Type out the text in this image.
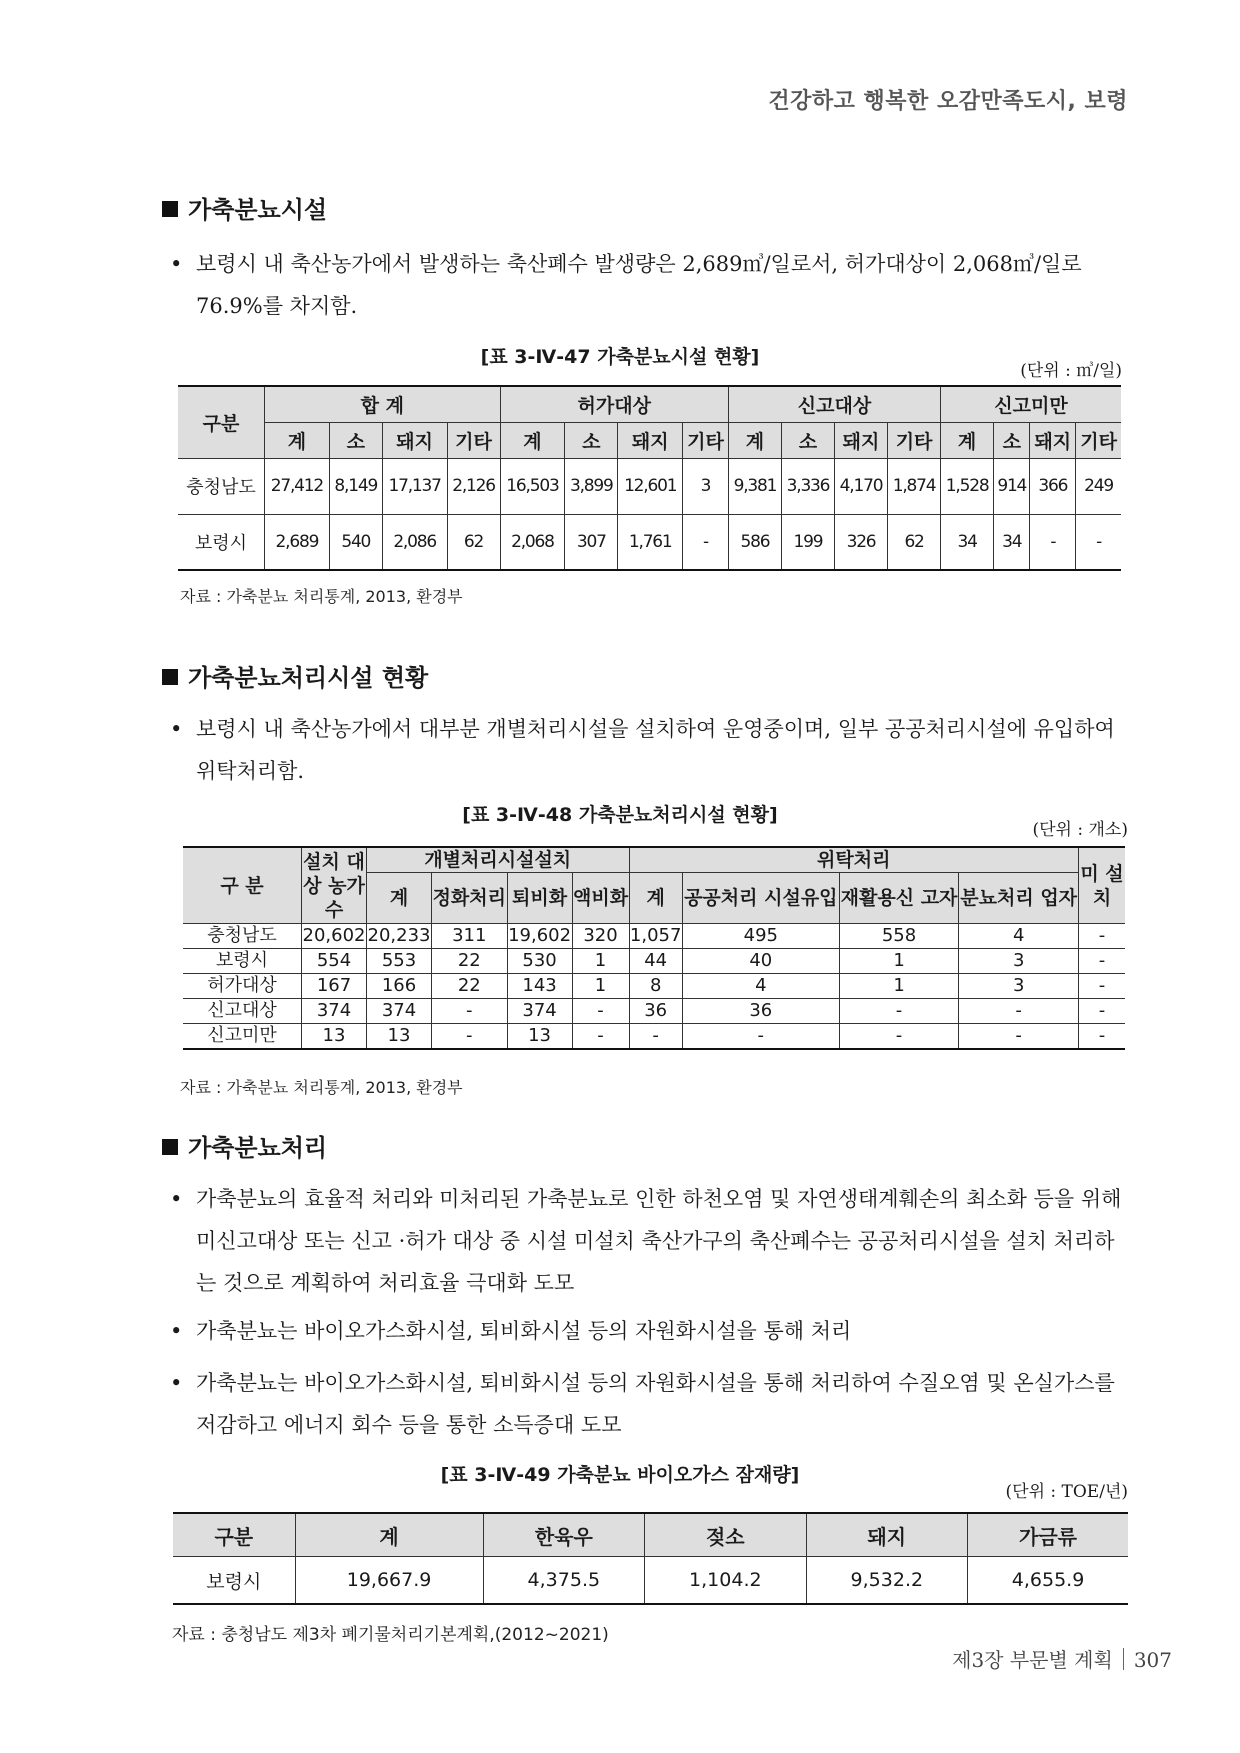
건강하고 행복한 오감만족도시, 보령
가축분뇨시설
• 보령시 내 축산농가에서 발생하는 축산폐수 발생량은 2,689㎥/일로서, 허가대상이 2,068㎥/일로 76.9%를 차지함.
[표 3-Ⅳ-47 가축분뇨시설 현황]
(단위 : ㎥/일)
구분	합 계				허가대상				신고대상				신고미만			
	계	소	돼지	기타	계	소	돼지	기타	계	소	돼지	기타	계	소	돼지	기타
충청남도	27,412	8,149	17,137	2,126	16,503	3,899	12,601	3	9,381	3,336	4,170	1,874	1,528	914	366	249
보령시	2,689	540	2,086	62	2,068	307	1,761	-	586	199	326	62	34	34	-	-
자료 : 가축분뇨 처리통계, 2013, 환경부
가축분뇨처리시설 현황
• 보령시 내 축산농가에서 대부분 개별처리시설을 설치하여 운영중이며, 일부 공공처리시설에 유입하여 위탁처리함.
[표 3-Ⅳ-48 가축분뇨처리시설 현황]
(단위 : 개소)
구 분	설치 대상 농가수	개별처리시설설치				위탁처리				미 설 치
		계	정화처리	퇴비화	액비화	계	공공처리 시설유입	재활용신 고자	분뇨처리 업자	
충청남도	20,602	20,233	311	19,602	320	1,057	495	558	4	-
보령시	554	553	22	530	1	44	40	1	3	-
허가대상	167	166	22	143	1	8	4	1	3	-
신고대상	374	374	-	374	-	36	36	-	-	-
신고미만	13	13	-	13	-	-	-	-	-	-
자료 : 가축분뇨 처리통계, 2013, 환경부
가축분뇨처리
• 가축분뇨의 효율적 처리와 미처리된 가축분뇨로 인한 하천오염 및 자연생태계훼손의 최소화 등을 위해 미신고대상 또는 신고 ·허가 대상 중 시설 미설치 축산가구의 축산폐수는 공공처리시설을 설치 처리하는 것으로 계획하여 처리효율 극대화 도모
• 가축분뇨는 바이오가스화시설, 퇴비화시설 등의 자원화시설을 통해 처리
• 가축분뇨는 바이오가스화시설, 퇴비화시설 등의 자원화시설을 통해 처리하여 수질오염 및 온실가스를 저감하고 에너지 회수 등을 통한 소득증대 도모
[표 3-Ⅳ-49 가축분뇨 바이오가스 잠재량]
(단위 : TOE/년)
구분	계	한육우	젖소	돼지	가금류
보령시	19,667.9	4,375.5	1,104.2	9,532.2	4,655.9
자료 : 충청남도 제3차 폐기물처리기본계획,(2012~2021)
제3장 부문별 계획 307
